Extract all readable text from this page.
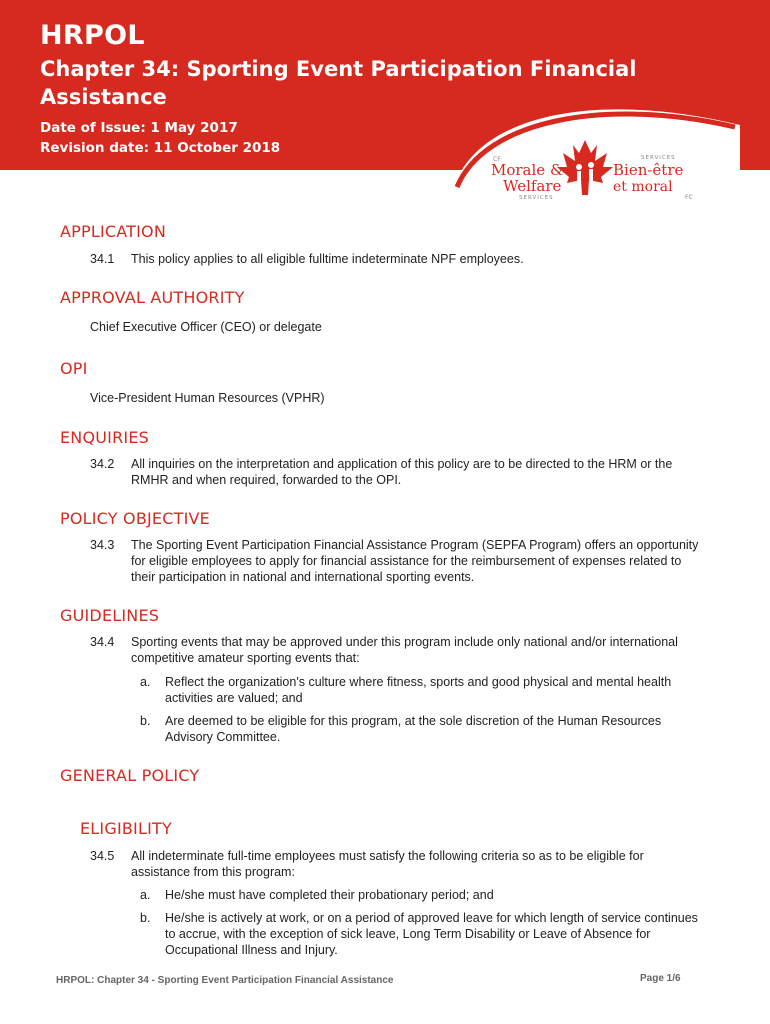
HRPOL
Chapter 34: Sporting Event Participation Financial Assistance
Date of Issue: 1 May 2017
Revision date: 11 October 2018
CF
Morale &
Welfare
SERVICES
SERVICES
Bien-être
et moral
FC
APPLICATION
34.1 This policy applies to all eligible fulltime indeterminate NPF employees.
APPROVAL AUTHORITY
Chief Executive Officer (CEO) or delegate
OPI
Vice-President Human Resources (VPHR)
ENQUIRIES
34.2 All inquiries on the interpretation and application of this policy are to be directed to the HRM or the RMHR and when required, forwarded to the OPI.
POLICY OBJECTIVE
34.3 The Sporting Event Participation Financial Assistance Program (SEPFA Program) offers an opportunity for eligible employees to apply for financial assistance for the reimbursement of expenses related to their participation in national and international sporting events.
GUIDELINES
34.4 Sporting events that may be approved under this program include only national and/or international competitive amateur sporting events that:
a. Reflect the organization's culture where fitness, sports and good physical and mental health activities are valued; and
b. Are deemed to be eligible for this program, at the sole discretion of the Human Resources Advisory Committee.
GENERAL POLICY
ELIGIBILITY
34.5 All indeterminate full-time employees must satisfy the following criteria so as to be eligible for assistance from this program:
a. He/she must have completed their probationary period; and
b. He/she is actively at work, or on a period of approved leave for which length of service continues to accrue, with the exception of sick leave, Long Term Disability or Leave of Absence for Occupational Illness and Injury.
HRPOL: Chapter 34 - Sporting Event Participation Financial Assistance	Page 1/6
